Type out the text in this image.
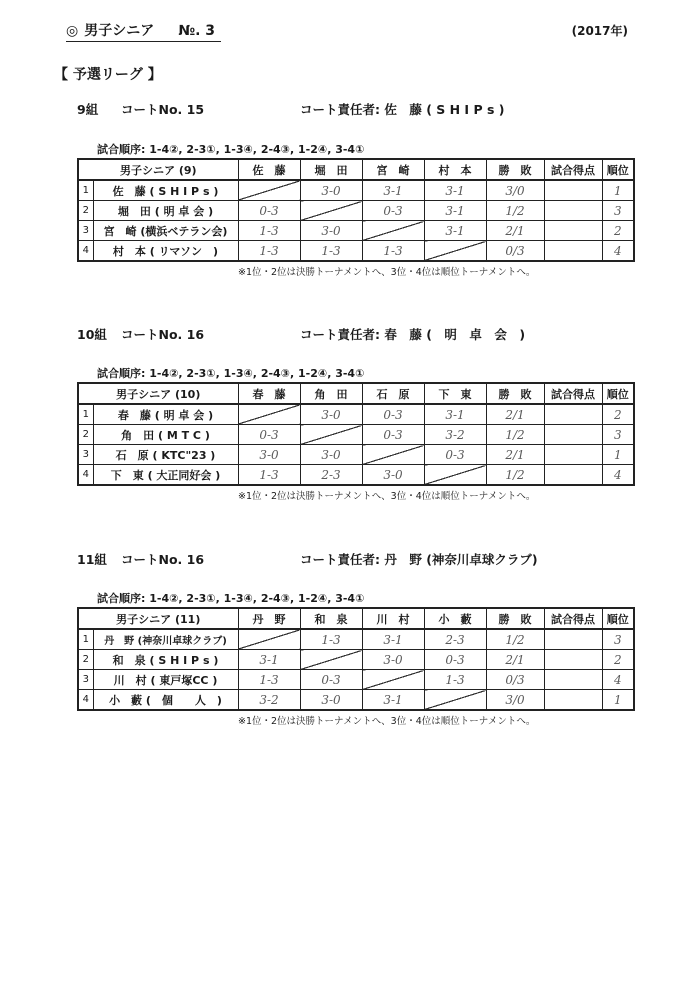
◎ 男子シニア №. 3	(2017年)
【 予選リーグ 】
9組 コートNo. 15	コート責任者: 佐　藤 ( S H I P s )
試合順序: 1-4②, 2-3①, 1-3④, 2-4③, 1-2④, 3-4①
男子シニア (9)		佐　藤	堀　田	宮　崎	村　本	勝　敗	試合得点	順位
1	佐　藤 ( S H I P s )		3-0	3-1	3-1	3/0		1
2	堀　田 ( 明 卓 会 )	0-3		0-3	3-1	1/2		3
3	宮　崎 (横浜ベテラン会)	1-3	3-0		3-1	2/1		2
4	村　本 ( リマソン　)	1-3	1-3	1-3		0/3		4
※1位・2位は決勝トーナメントへ、3位・4位は順位トーナメントへ。
10組 コートNo. 16	コート責任者: 春　藤 (　明　卓　会　)
試合順序: 1-4②, 2-3①, 1-3④, 2-4③, 1-2④, 3-4①
男子シニア (10)		春　藤	角　田	石　原	下　東	勝　敗	試合得点	順位
1	春　藤 ( 明 卓 会 )		3-0	0-3	3-1	2/1		2
2	角　田 ( M T C )	0-3		0-3	3-2	1/2		3
3	石　原 ( KTC"23 )	3-0	3-0		0-3	2/1		1
4	下　東 ( 大正同好会 )	1-3	2-3	3-0		1/2		4
※1位・2位は決勝トーナメントへ、3位・4位は順位トーナメントへ。
11組 コートNo. 16	コート責任者: 丹　野 (神奈川卓球クラブ)
試合順序: 1-4②, 2-3①, 1-3④, 2-4③, 1-2④, 3-4①
男子シニア (11)		丹　野	和　泉	川　村	小　藪	勝　敗	試合得点	順位
1	丹　野 (神奈川卓球クラブ)		1-3	3-1	2-3	1/2		3
2	和　泉 ( S H I P s )	3-1		3-0	0-3	2/1		2
3	川　村 ( 東戸塚CC )	1-3	0-3		1-3	0/3		4
4	小　藪 (　個　　人　)	3-2	3-0	3-1		3/0		1
※1位・2位は決勝トーナメントへ、3位・4位は順位トーナメントへ。
